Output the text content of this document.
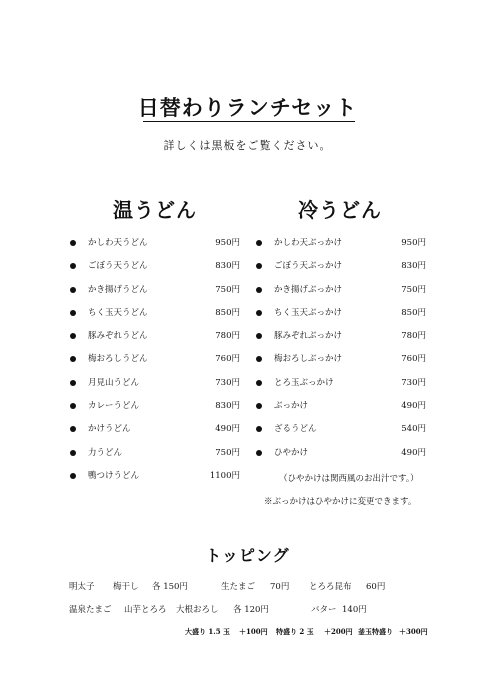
日替わりランチセット
詳しくは黒板をご覧ください。
温うどん	冷うどん
かしわ天うどん	950円
ごぼう天うどん	830円
かき揚げうどん	750円
ちく玉天うどん	850円
豚みぞれうどん	780円
梅おろしうどん	760円
月見山うどん	730円
カレーうどん	830円
かけうどん	490円
力うどん	750円
鴨つけうどん	1100円
かしわ天ぶっかけ	950円
ごぼう天ぶっかけ	830円
かき揚げぶっかけ	750円
ちく玉天ぶっかけ	850円
豚みぞれぶっかけ	780円
梅おろしぶっかけ	760円
とろ玉ぶっかけ	730円
ぶっかけ	490円
ざるうどん	540円
ひやかけ	490円
（ひやかけは関西風のお出汁です。）
※ぶっかけはひやかけに変更できます。
トッピング
明太子 梅干し 各 150円	生たまご 70円 とろろ昆布 60円
温泉たまご 山芋とろろ 大根おろし 各 120円	バター 140円
大盛り 1.5 玉 ＋100円 特盛り 2 玉 ＋200円 釜玉特盛り ＋300円
